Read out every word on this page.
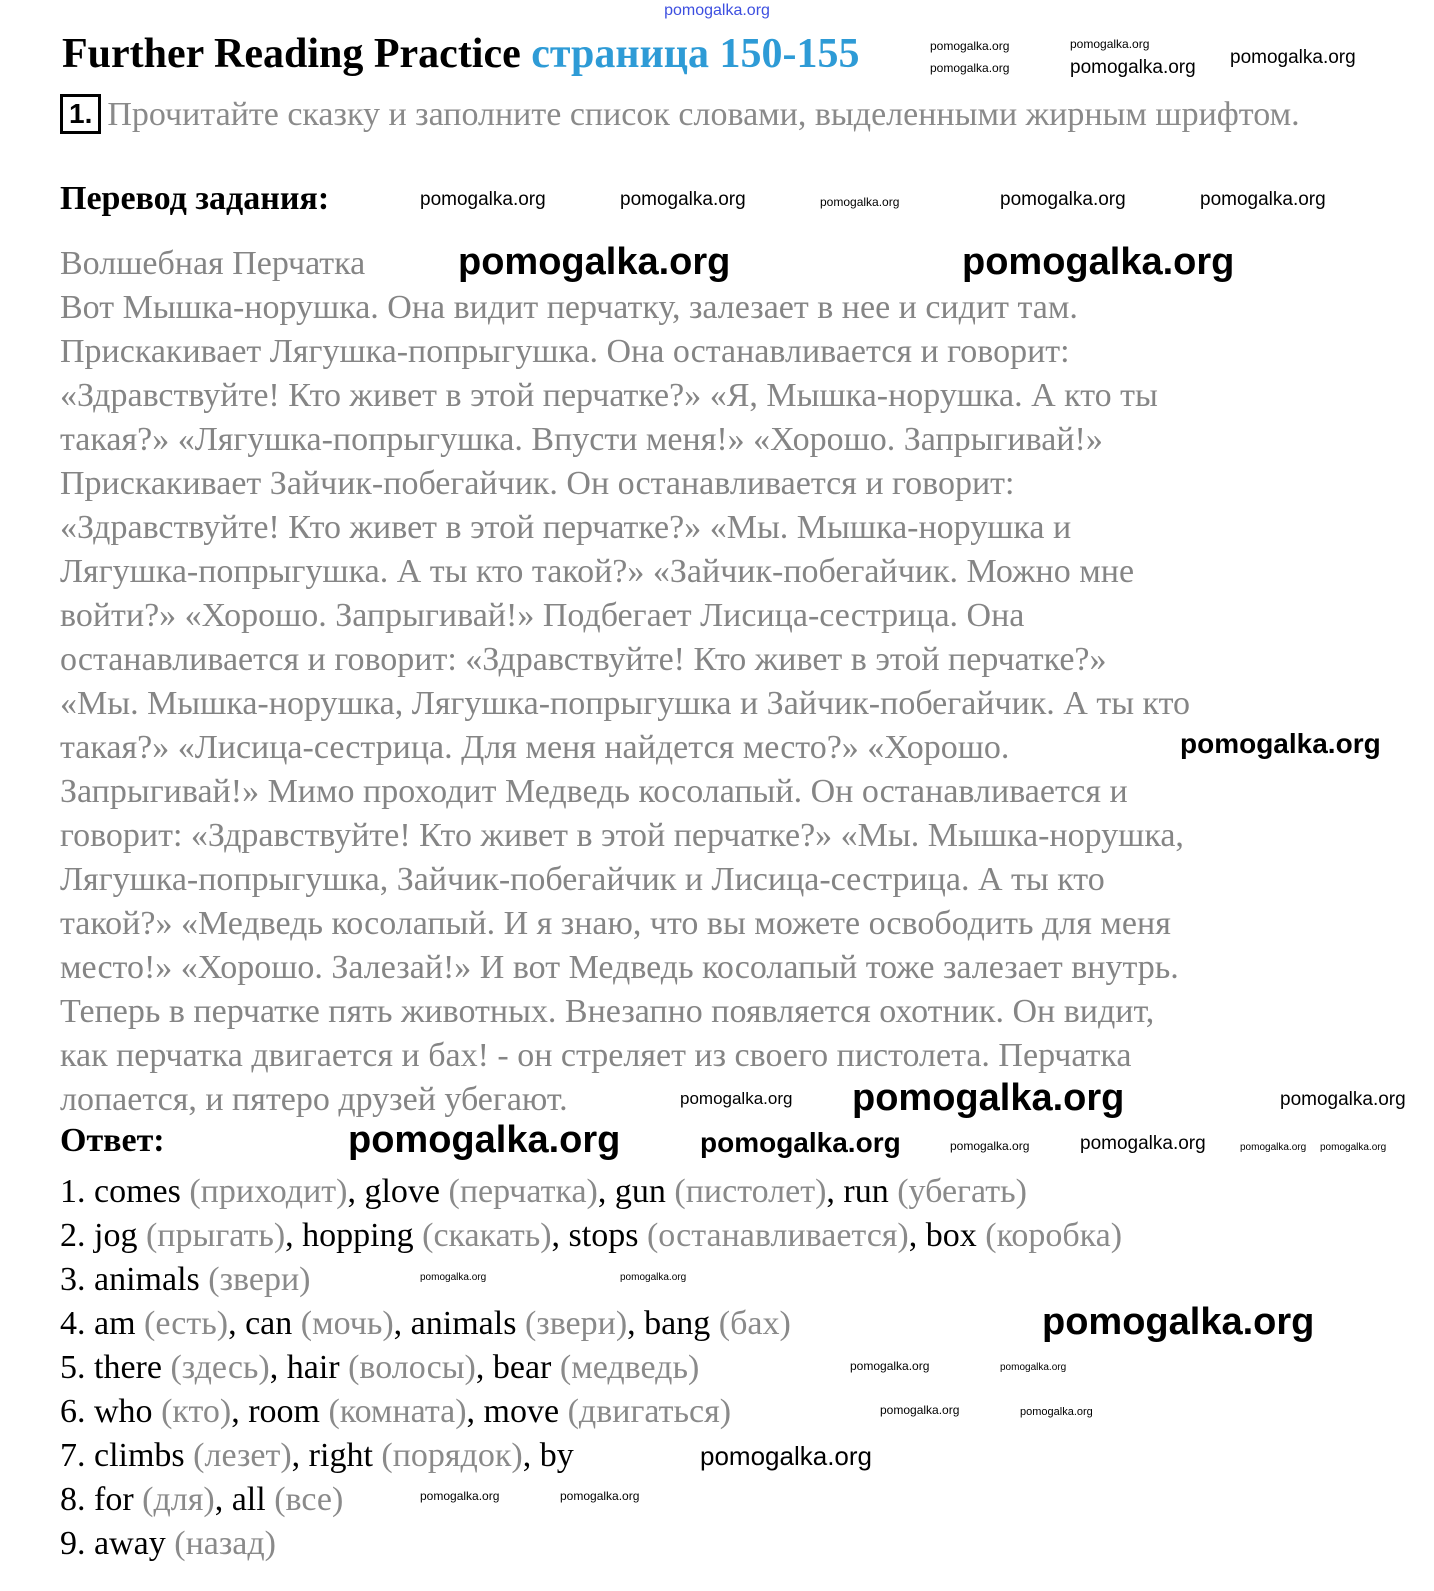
pomogalka.org
Further Reading Practice страница 150-155
1. Прочитайте сказку и заполните список словами, выделенными жирным шрифтом.
Перевод задания:
Волшебная Перчатка
Вот Мышка-норушка. Она видит перчатку, залезает в нее и сидит там.
Прискакивает Лягушка-попрыгушка. Она останавливается и говорит:
«Здравствуйте! Кто живет в этой перчатке?» «Я, Мышка-норушка. А кто ты
такая?» «Лягушка-попрыгушка. Впусти меня!» «Хорошо. Запрыгивай!»
Прискакивает Зайчик-побегайчик. Он останавливается и говорит:
«Здравствуйте! Кто живет в этой перчатке?» «Мы. Мышка-норушка и
Лягушка-попрыгушка. А ты кто такой?» «Зайчик-побегайчик. Можно мне
войти?» «Хорошо. Запрыгивай!» Подбегает Лисица-сестрица. Она
останавливается и говорит: «Здравствуйте! Кто живет в этой перчатке?»
«Мы. Мышка-норушка, Лягушка-попрыгушка и Зайчик-побегайчик. А ты кто
такая?» «Лисица-сестрица. Для меня найдется место?» «Хорошо.
Запрыгивай!» Мимо проходит Медведь косолапый. Он останавливается и
говорит: «Здравствуйте! Кто живет в этой перчатке?» «Мы. Мышка-норушка,
Лягушка-попрыгушка, Зайчик-побегайчик и Лисица-сестрица. А ты кто
такой?» «Медведь косолапый. И я знаю, что вы можете освободить для меня
место!» «Хорошо. Залезай!» И вот Медведь косолапый тоже залезает внутрь.
Теперь в перчатке пять животных. Внезапно появляется охотник. Он видит,
как перчатка двигается и бах! - он стреляет из своего пистолета. Перчатка
лопается, и пятеро друзей убегают.
Ответ:
1. comes (приходит), glove (перчатка), gun (пистолет), run (убегать)
2. jog (прыгать), hopping (скакать), stops (останавливается), box (коробка)
3. animals (звери)
4. am (есть), can (мочь), animals (звери), bang (бах)
5. there (здесь), hair (волосы), bear (медведь)
6. who (кто), room (комната), move (двигаться)
7. climbs (лезет), right (порядок), by
8. for (для), all (все)
9. away (назад)
pomogalka.org
pomogalka.org
pomogalka.org	pomogalka.org
pomogalka.org	pomogalka.org	pomogalka.org	pomogalka.org	pomogalka.org
pomogalka.org
pomogalka.org pomogalka.org
pomogalka.org
pomogalka.org	pomogalka.org
pomogalka.org	pomogalka.org	pomogalka.org	pomogalka.org
pomogalka.org
pomogalka.org
pomogalka.org	pomogalka.org
pomogalka.org
pomogalka.org
pomogalka.org	pomogalka.org
pomogalka.org	pomogalka.org
pomogalka.org	pomogalka.org
pomogalka.org
